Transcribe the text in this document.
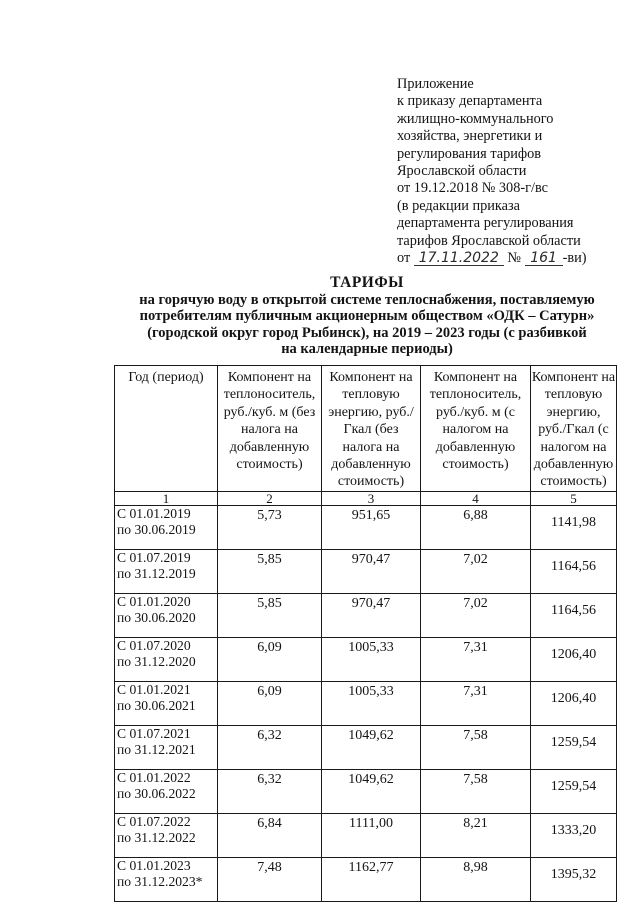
Приложение
к приказу департамента
жилищно-коммунального
хозяйства, энергетики и
регулирования тарифов
Ярославской области
от 19.12.2018 № 308-г/вс
(в редакции приказа
департамента регулирования
тарифов Ярославской области
от 17.11.2022 № 161 -ви)
ТАРИФЫ
на горячую воду в открытой системе теплоснабжения, поставляемую
потребителям публичным акционерным обществом «ОДК – Сатурн»
(городской округ город Рыбинск), на 2019 – 2023 годы (с разбивкой
на календарные периоды)
Год (период)	Компонент на теплоноситель, руб./куб. м (без налога на добавленную стоимость)	Компонент на тепловую энергию, руб./Гкал (без налога на добавленную стоимость)	Компонент на теплоноситель, руб./куб. м (с налогом на добавленную стоимость)	Компонент на тепловую энергию, руб./Гкал (с налогом на добавленную стоимость)
1	2	3	4	5

С 01.01.2019
по 30.06.2019	5,73	951,65	6,88	1141,98

С 01.07.2019
по 31.12.2019	5,85	970,47	7,02	1164,56

С 01.01.2020
по 30.06.2020	5,85	970,47	7,02	1164,56

С 01.07.2020
по 31.12.2020	6,09	1005,33	7,31	1206,40

С 01.01.2021
по 30.06.2021	6,09	1005,33	7,31	1206,40

С 01.07.2021
по 31.12.2021	6,32	1049,62	7,58	1259,54

С 01.01.2022
по 30.06.2022	6,32	1049,62	7,58	1259,54

С 01.07.2022
по 31.12.2022	6,84	1111,00	8,21	1333,20

С 01.01.2023
по 31.12.2023*	7,48	1162,77	8,98	1395,32
